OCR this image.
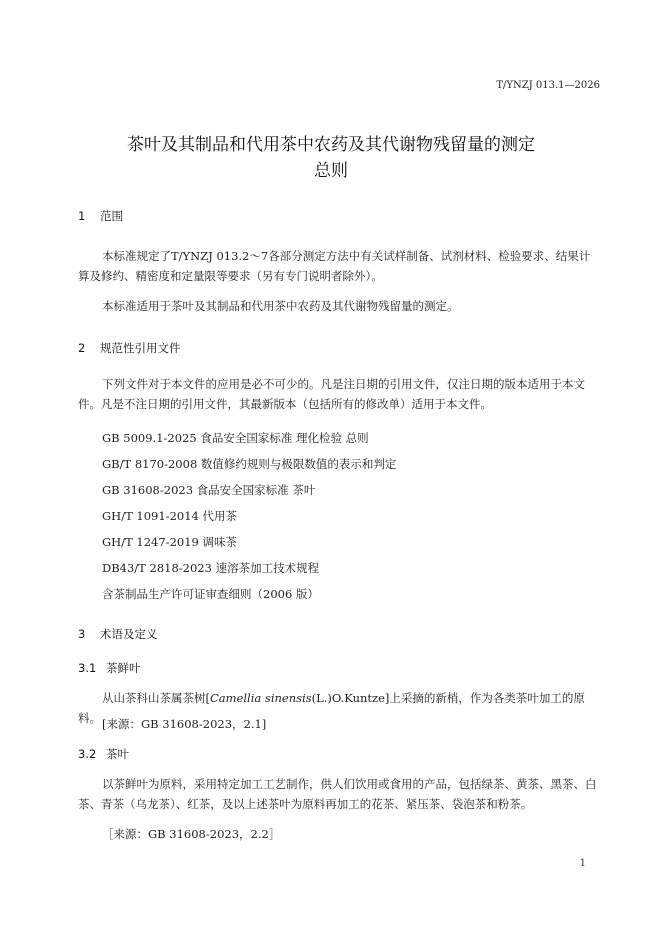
T/YNZJ 013.1—2026
茶叶及其制品和代用茶中农药及其代谢物残留量的测定
总则
1 范围
本标准规定了T/YNZJ 013.2～7各部分测定方法中有关试样制备、试剂材料、检验要求、结果计算及修约、精密度和定量限等要求（另有专门说明者除外）。
本标准适用于茶叶及其制品和代用茶中农药及其代谢物残留量的测定。
2 规范性引用文件
下列文件对于本文件的应用是必不可少的。凡是注日期的引用文件，仅注日期的版本适用于本文件。凡是不注日期的引用文件，其最新版本（包括所有的修改单）适用于本文件。
GB 5009.1-2025 食品安全国家标准 理化检验 总则
GB/T 8170-2008 数值修约规则与极限数值的表示和判定
GB 31608-2023 食品安全国家标准 茶叶
GH/T 1091-2014 代用茶
GH/T 1247-2019 调味茶
DB43/T 2818-2023 速溶茶加工技术规程
含茶制品生产许可证审查细则（2006 版）
3 术语及定义
3.1 茶鲜叶
从山茶科山茶属茶树[Camellia sinensis(L.)O.Kuntze]上采摘的新梢，作为各类茶叶加工的原料。 [来源：GB 31608-2023，2.1]
3.2 茶叶
以茶鲜叶为原料，采用特定加工工艺制作，供人们饮用或食用的产品，包括绿茶、黄茶、黑茶、白茶、青茶（乌龙茶）、红茶，及以上述茶叶为原料再加工的花茶、紧压茶、袋泡茶和粉茶。
［来源：GB 31608-2023，2.2］
1
